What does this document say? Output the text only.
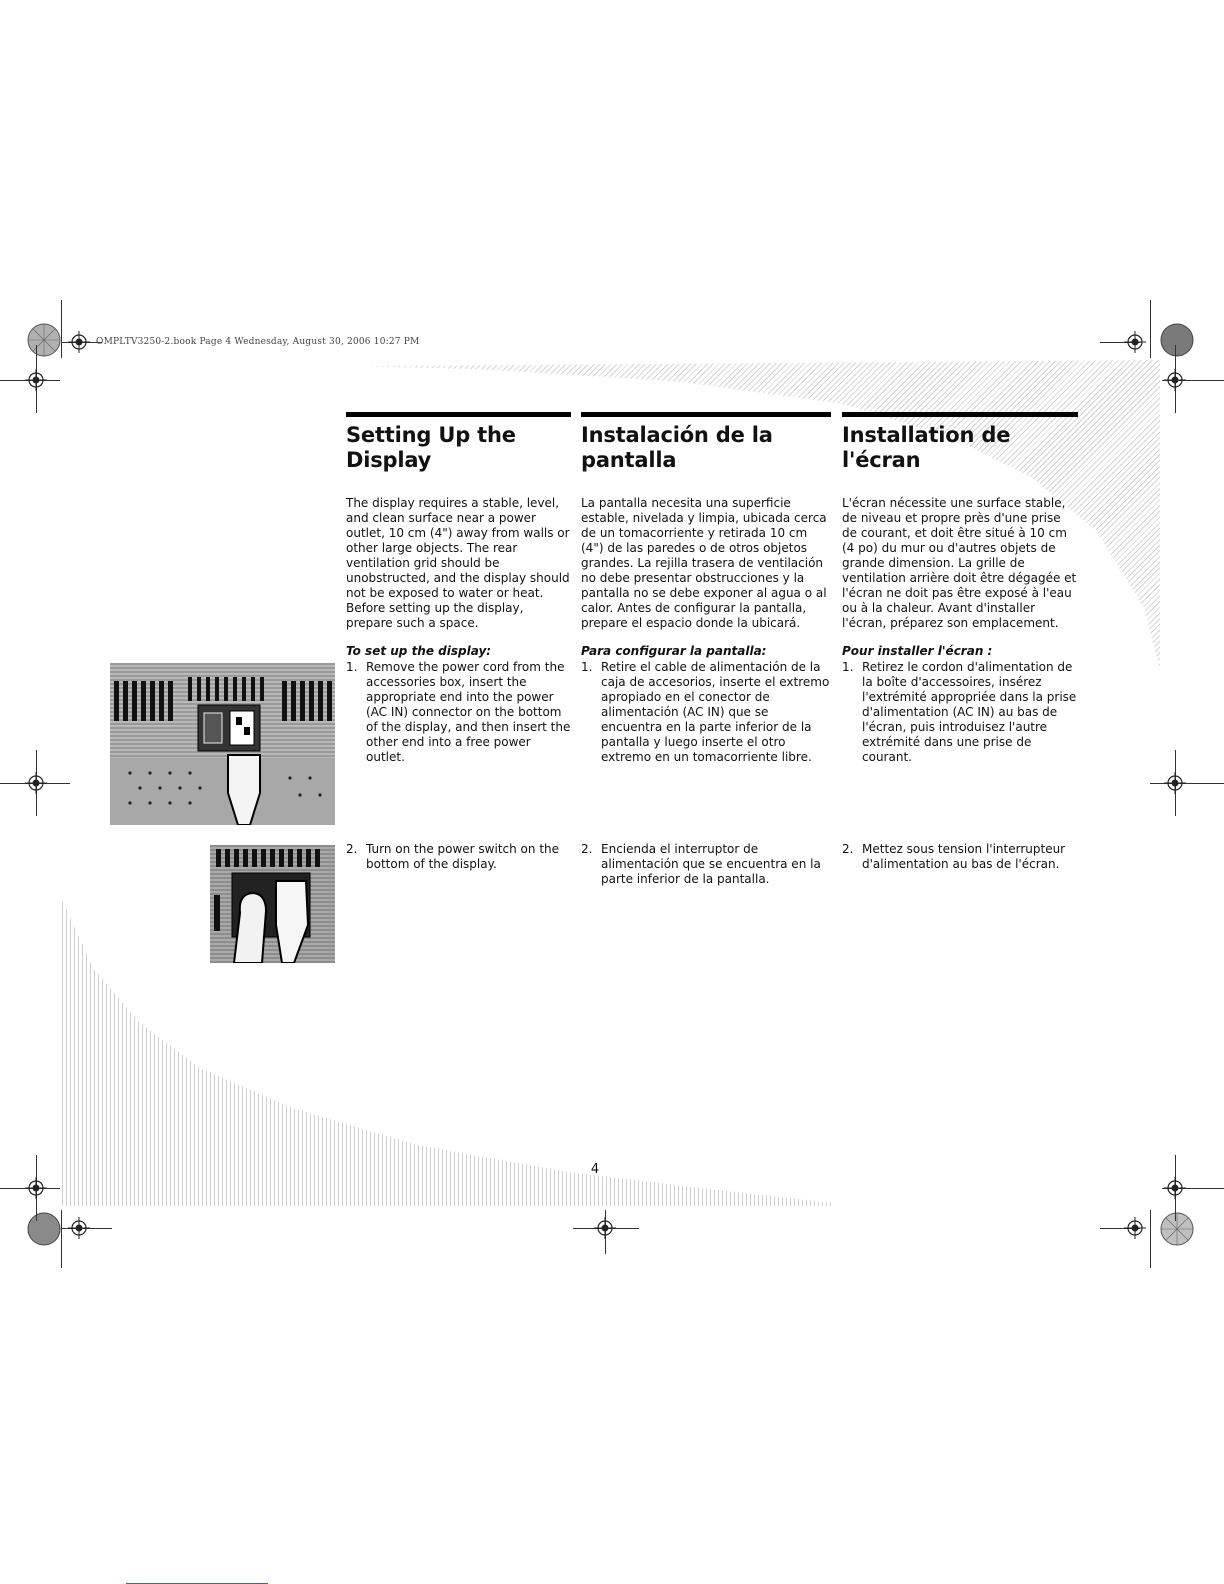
OMPLTV3250-2.book Page 4 Wednesday, August 30, 2006 10:27 PM
Setting Up the Display

The display requires a stable, level, and clean surface near a power outlet, 10 cm (4") away from walls or other large objects. The rear ventilation grid should be unobstructed, and the display should not be exposed to water or heat. Before setting up the display, prepare such a space.

To set up the display:

1. Remove the power cord from the accessories box, insert the appropriate end into the power (AC IN) connector on the bottom of the display, and then insert the other end into a free power outlet.
2. Turn on the power switch on the bottom of the display.
Instalación de la pantalla

La pantalla necesita una superficie estable, nivelada y limpia, ubicada cerca de un tomacorriente y retirada 10 cm (4") de las paredes o de otros objetos grandes. La rejilla trasera de ventilación no debe presentar obstrucciones y la pantalla no se debe exponer al agua o al calor. Antes de configurar la pantalla, prepare el espacio donde la ubicará.

Para configurar la pantalla:

1. Retire el cable de alimentación de la caja de accesorios, inserte el extremo apropiado en el conector de alimentación (AC IN) que se encuentra en la parte inferior de la pantalla y luego inserte el otro extremo en un tomacorriente libre.
2. Encienda el interruptor de alimentación que se encuentra en la parte inferior de la pantalla.
Installation de l'écran

L'écran nécessite une surface stable, de niveau et propre près d'une prise de courant, et doit être situé à 10 cm (4 po) du mur ou d'autres objets de grande dimension. La grille de ventilation arrière doit être dégagée et l'écran ne doit pas être exposé à l'eau ou à la chaleur. Avant d'installer l'écran, préparez son emplacement.

Pour installer l'écran :

1. Retirez le cordon d'alimentation de la boîte d'accessoires, insérez l'extrémité appropriée dans la prise d'alimentation (AC IN) au bas de l'écran, puis introduisez l'autre extrémité dans une prise de courant.
2. Mettez sous tension l'interrupteur d'alimentation au bas de l'écran.
4
